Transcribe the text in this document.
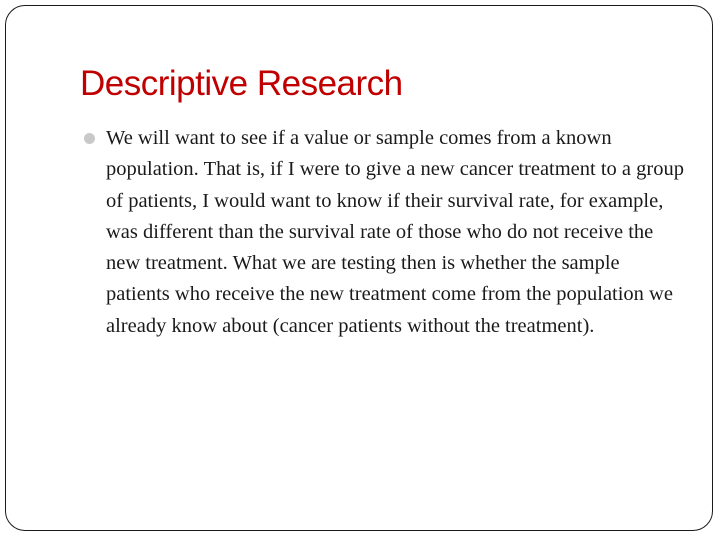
Descriptive Research
We will want to see if a value or sample comes from a known population. That is, if I were to give a new cancer treatment to a group of patients, I would want to know if their survival rate, for example, was different than the survival rate of those who do not receive the new treatment. What we are testing then is whether the sample patients who receive the new treatment come from the population we already know about (cancer patients without the treatment).
